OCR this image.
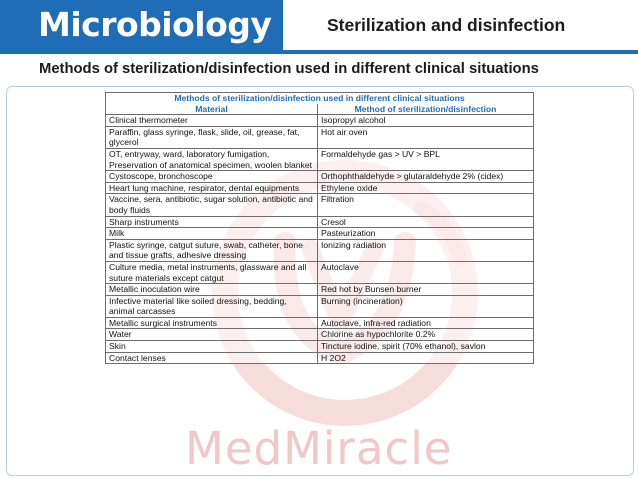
Microbiology	Sterilization and disinfection
Methods of sterilization/disinfection used in different clinical situations
Methods of sterilization/disinfection used in different clinical situations	
Material	Method of sterilization/disinfection
Clinical thermometer	Isopropyl alcohol
Paraffin, glass syringe, flask, slide, oil, grease, fat, glycerol	Hot air oven
OT, entryway, ward, laboratory fumigation, Preservation of anatomical specimen, woolen blanket	Formaldehyde gas > UV > BPL
Cystoscope, bronchoscope	Orthophthaldehyde > glutaraldehyde 2% (cidex)
Heart lung machine, respirator, dental equipments	Ethylene oxide
Vaccine, sera, antibiotic, sugar solution, antibiotic and body fluids	Filtration
Sharp instruments	Cresol
Milk	Pasteurization
Plastic syringe, catgut suture, swab, catheter, bone and tissue grafts, adhesive dressing	Ionizing radiation
Culture media, metal instruments, glassware and all suture materials except catgut	Autoclave
Metallic inoculation wire	Red hot by Bunsen burner
Infective material like soiled dressing, bedding, animal carcasses	Burning (incineration)
Metallic surgical instruments	Autoclave, infra-red radiation
Water	Chlorine as hypochlorite 0.2%
Skin	Tincture iodine, spirit (70% ethanol), savlon
Contact lenses	H 2O2
MedMiracle
